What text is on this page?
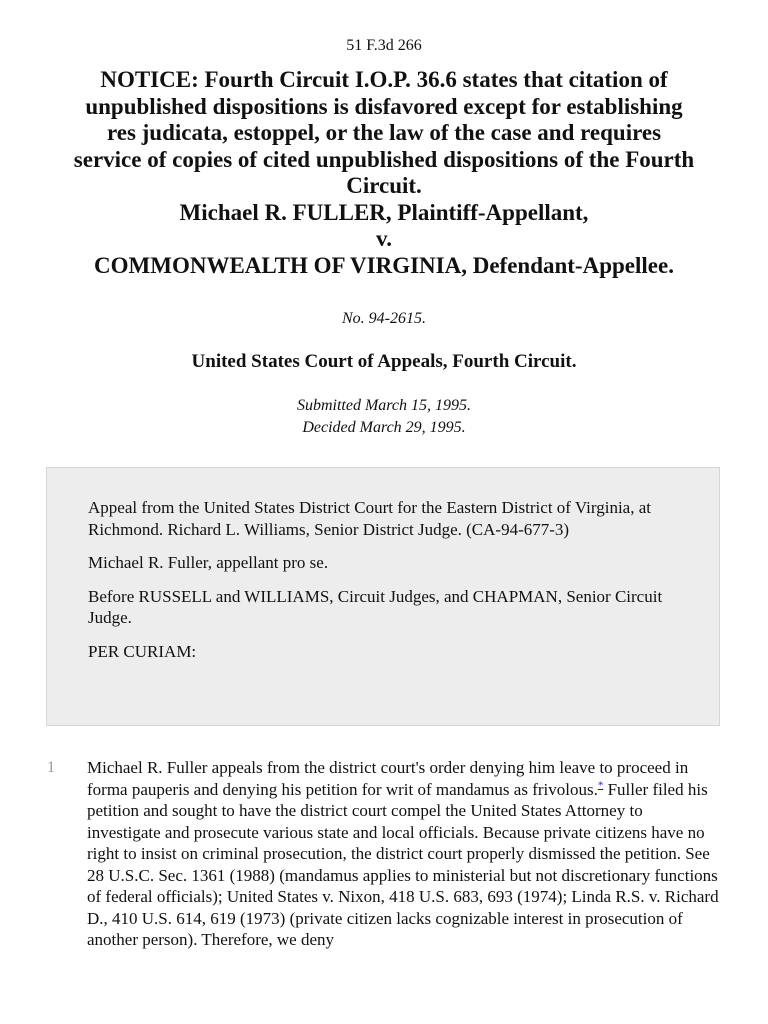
51 F.3d 266
NOTICE: Fourth Circuit I.O.P. 36.6 states that citation of
unpublished dispositions is disfavored except for establishing
res judicata, estoppel, or the law of the case and requires
service of copies of cited unpublished dispositions of the Fourth
Circuit.
Michael R. FULLER, Plaintiff-Appellant,
v.
COMMONWEALTH OF VIRGINIA, Defendant-Appellee.
No. 94-2615.
United States Court of Appeals, Fourth Circuit.
Submitted March 15, 1995.
Decided March 29, 1995.

Appeal from the United States District Court for the Eastern District of Virginia, at Richmond. Richard L. Williams, Senior District Judge. (CA-94-677-3)

Michael R. Fuller, appellant pro se.

Before RUSSELL and WILLIAMS, Circuit Judges, and CHAPMAN, Senior Circuit Judge.

PER CURIAM:

1 Michael R. Fuller appeals from the district court's order denying him leave to proceed in forma pauperis and denying his petition for writ of mandamus as frivolous.* Fuller filed his petition and sought to have the district court compel the United States Attorney to investigate and prosecute various state and local officials. Because private citizens have no right to insist on criminal prosecution, the district court properly dismissed the petition. See 28 U.S.C. Sec. 1361 (1988) (mandamus applies to ministerial but not discretionary functions of federal officials); United States v. Nixon, 418 U.S. 683, 693 (1974); Linda R.S. v. Richard D., 410 U.S. 614, 619 (1973) (private citizen lacks cognizable interest in prosecution of another person). Therefore, we deny
